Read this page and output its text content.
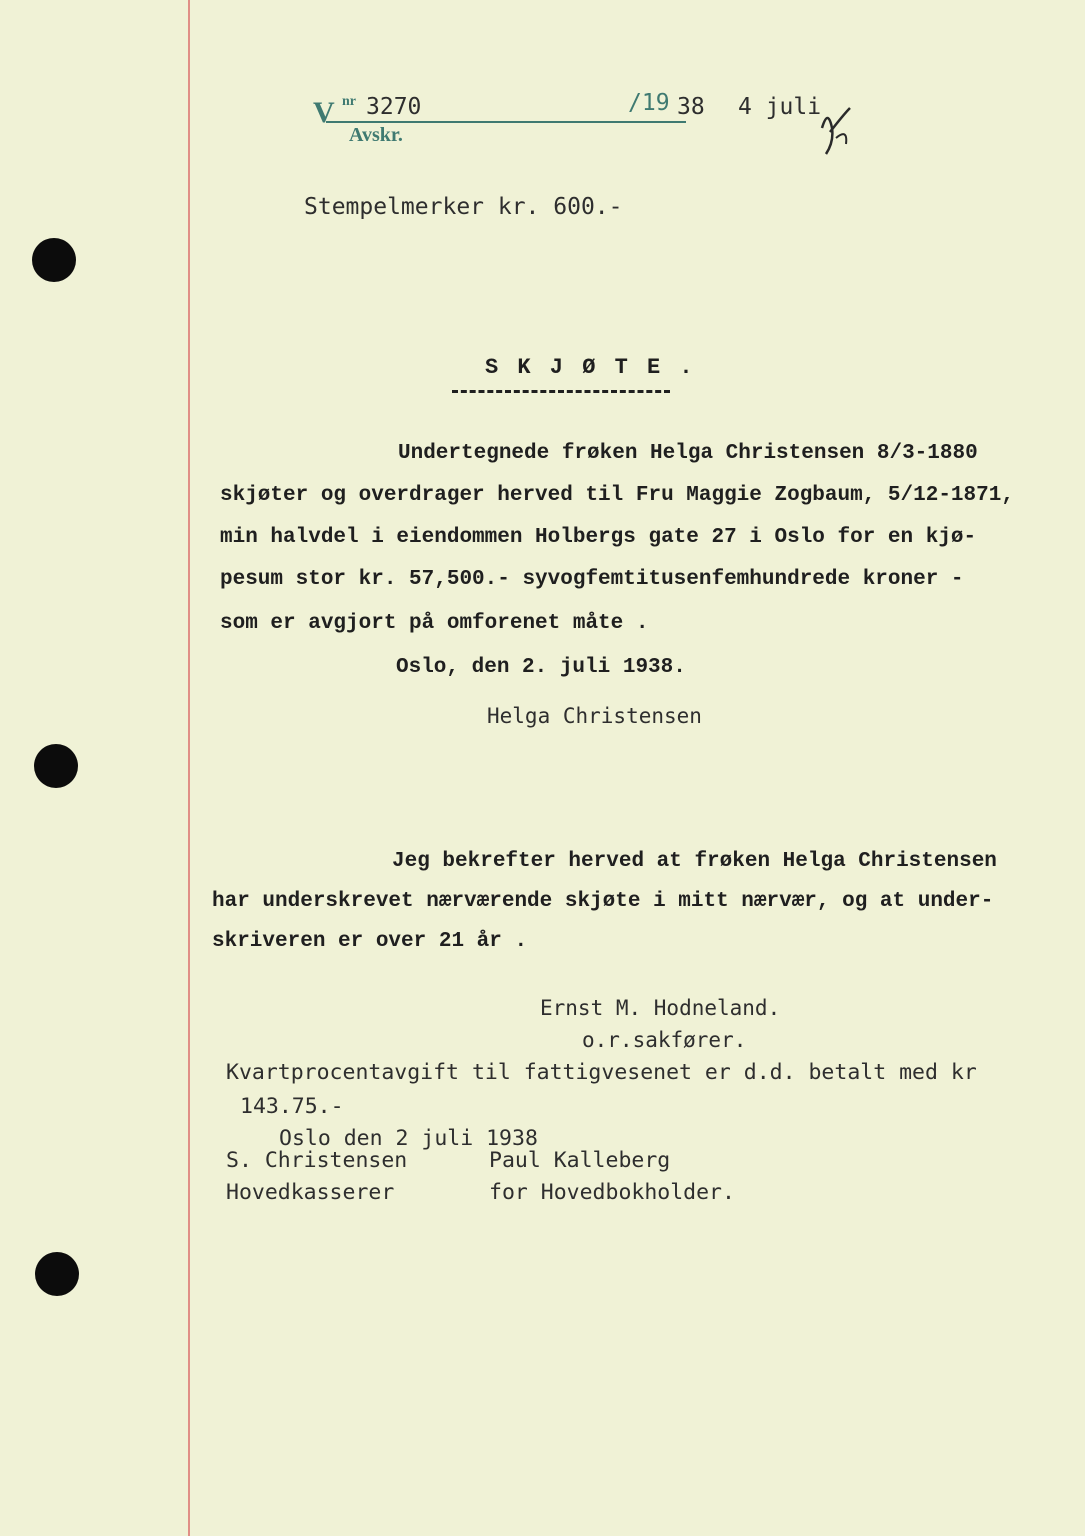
V nr
Avskr.
3270	/19 38 4 juli
Stempelmerker kr. 600.-
S K J Ø T E .
Undertegnede frøken Helga Christensen 8/3-1880
skjøter og overdrager herved til Fru Maggie Zogbaum, 5/12-1871,
min halvdel i eiendommen Holbergs gate 27 i Oslo for en kjø-
pesum stor kr. 57,500.- syvogfemtitusenfemhundrede kroner -
som er avgjort på omforenet måte .
Oslo, den 2. juli 1938.
Helga Christensen
Jeg bekrefter herved at frøken Helga Christensen
har underskrevet nærværende skjøte i mitt nærvær, og at under-
skriveren er over 21 år .
Ernst M. Hodneland.
o.r.sakfører.
Kvartprocentavgift til fattigvesenet er d.d. betalt med kr
143.75.-
Oslo den 2 juli 1938
S. Christensen
Hovedkasserer
Paul Kalleberg
for Hovedbokholder.
